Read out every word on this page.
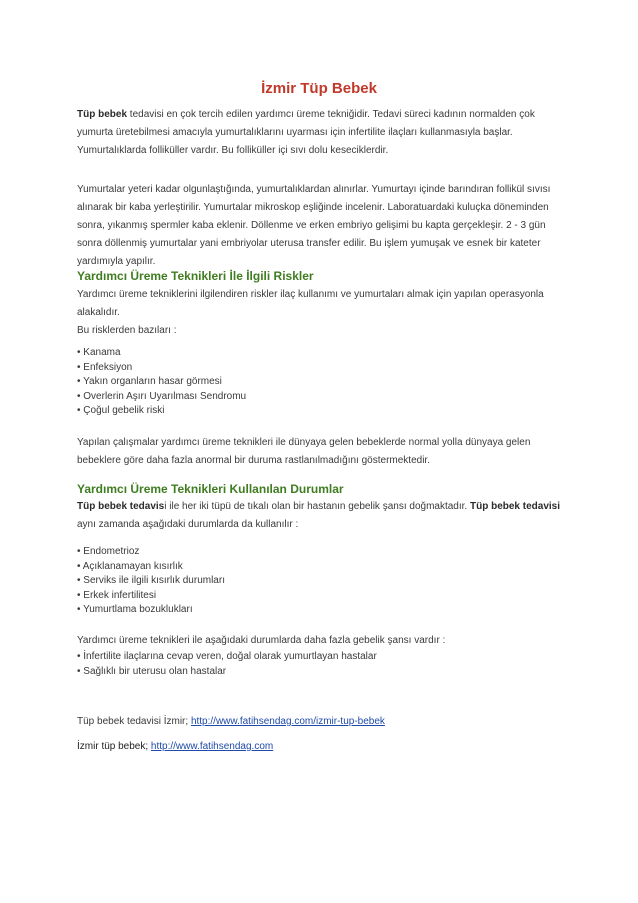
İzmir Tüp Bebek

Tüp bebek tedavisi en çok tercih edilen yardımcı üreme tekniğidir. Tedavi süreci kadının normalden çok yumurta üretebilmesi amacıyla yumurtalıklarını uyarması için infertilite ilaçları kullanmasıyla başlar. Yumurtalıklarda folliküller vardır. Bu folliküller içi sıvı dolu keseciklerdir.

Yumurtalar yeteri kadar olgunlaştığında, yumurtalıklardan alınırlar. Yumurtayı içinde barındıran follikül sıvısı alınarak bir kaba yerleştirilir. Yumurtalar mikroskop eşliğinde incelenir. Laboratuardaki kuluçka döneminden sonra, yıkanmış spermler kaba eklenir. Döllenme ve erken embriyo gelişimi bu kapta gerçekleşir. 2 - 3 gün sonra döllenmiş yumurtalar yani embriyolar uterusa transfer edilir. Bu işlem yumuşak ve esnek bir kateter yardımıyla yapılır.

Yardımcı Üreme Teknikleri İle İlgili Riskler

Yardımcı üreme tekniklerini ilgilendiren riskler ilaç kullanımı ve yumurtaları almak için yapılan operasyonla alakalıdır.

Bu risklerden bazıları :

• Kanama
• Enfeksiyon
• Yakın organların hasar görmesi
• Overlerin Aşırı Uyarılması Sendromu
• Çoğul gebelik riski

Yapılan çalışmalar yardımcı üreme teknikleri ile dünyaya gelen bebeklerde normal yolla dünyaya gelen bebeklere göre daha fazla anormal bir duruma rastlanılmadığını göstermektedir.

Yardımcı Üreme Teknikleri Kullanılan Durumlar

Tüp bebek tedavisi ile her iki tüpü de tıkalı olan bir hastanın gebelik şansı doğmaktadır. Tüp bebek tedavisi aynı zamanda aşağıdaki durumlarda da kullanılır :

• Endometrioz
• Açıklanamayan kısırlık
• Serviks ile ilgili kısırlık durumları
• Erkek infertilitesi
• Yumurtlama bozuklukları

Yardımcı üreme teknikleri ile aşağıdaki durumlarda daha fazla gebelik şansı vardır :

• İnfertilite ilaçlarına cevap veren, doğal olarak yumurtlayan hastalar
• Sağlıklı bir uterusu olan hastalar
Tüp bebek tedavisi İzmir; http://www.fatihsendag.com/izmir-tup-bebek
İzmir tüp bebek; http://www.fatihsendag.com
